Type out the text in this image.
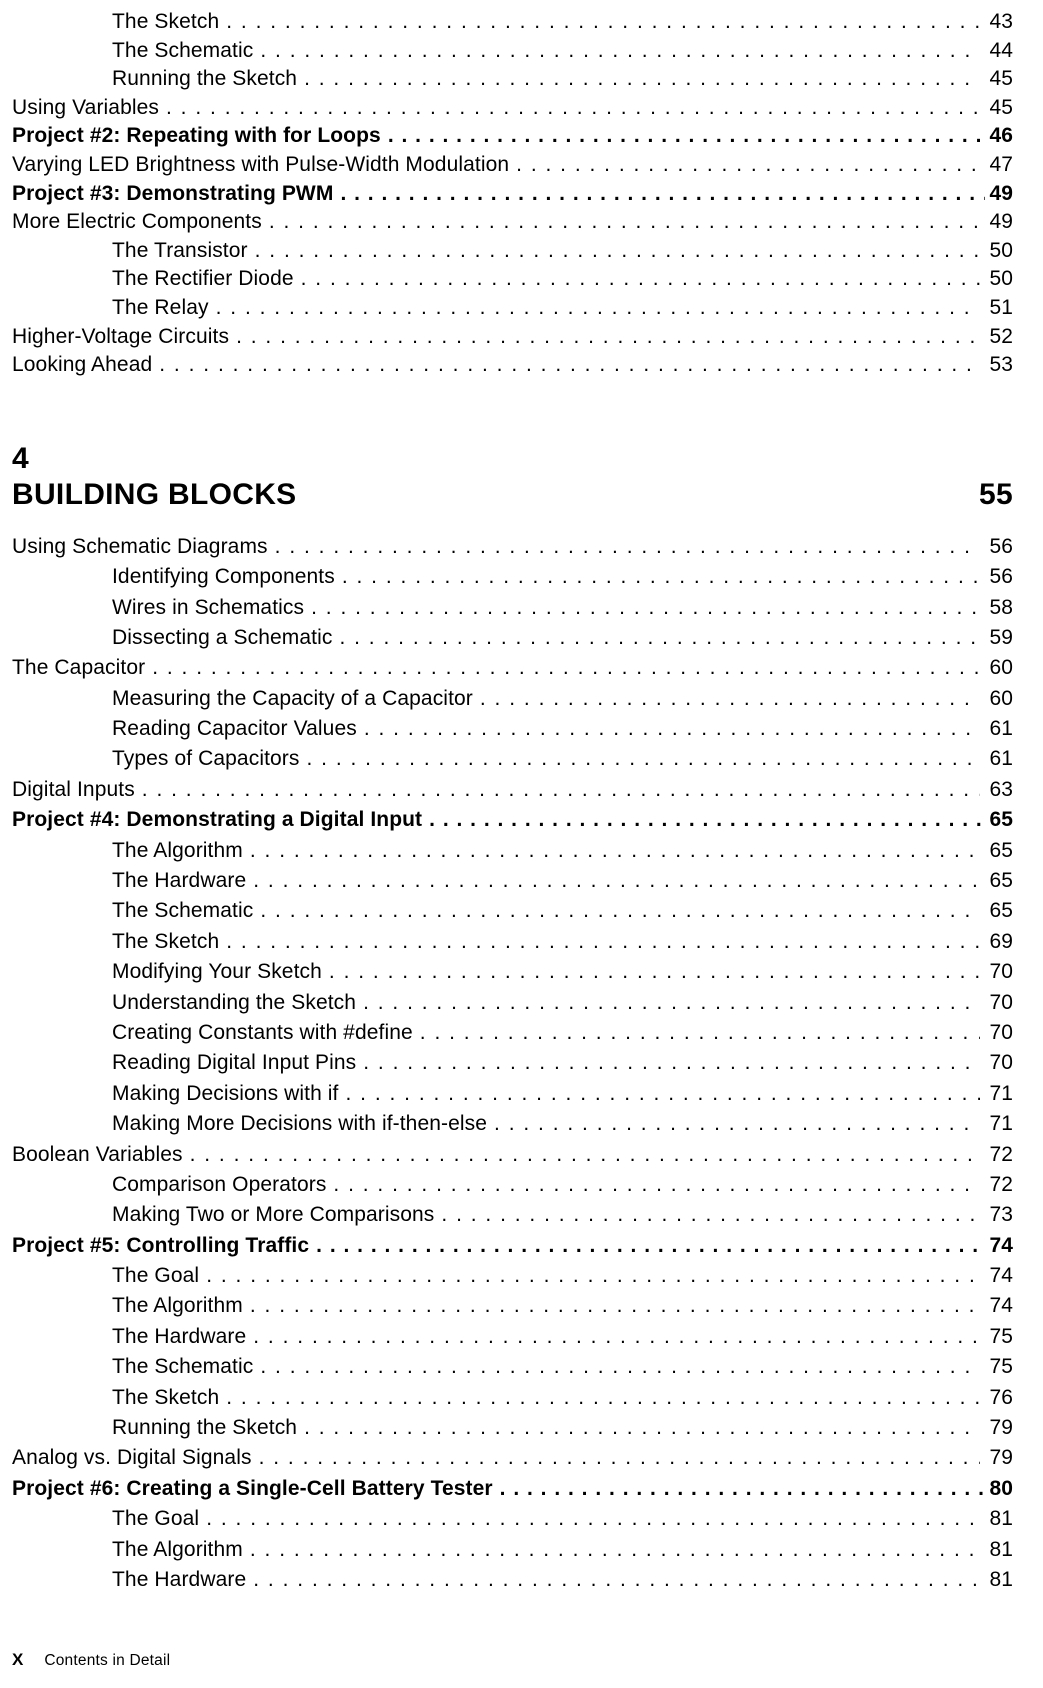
The Sketch . . .	43
The Schematic . . .	44
Running the Sketch . . .	45
Using Variables . . .	45
Project #2: Repeating with for Loops . . .	46
Varying LED Brightness with Pulse-Width Modulation . . .	47
Project #3: Demonstrating PWM . . .	49
More Electric Components . . .	49
The Transistor . . .	50
The Rectifier Diode . . .	50
The Relay . . .	51
Higher-Voltage Circuits . . .	52
Looking Ahead . . .	53
4
BUILDING BLOCKS	55
Using Schematic Diagrams . . .	56
Identifying Components . . .	56
Wires in Schematics . . .	58
Dissecting a Schematic . . .	59
The Capacitor . . .	60
Measuring the Capacity of a Capacitor . . .	60
Reading Capacitor Values . . .	61
Types of Capacitors . . .	61
Digital Inputs . . .	63
Project #4: Demonstrating a Digital Input . . .	65
The Algorithm . . .	65
The Hardware . . .	65
The Schematic . . .	65
The Sketch . . .	69
Modifying Your Sketch . . .	70
Understanding the Sketch . . .	70
Creating Constants with #define . . .	70
Reading Digital Input Pins . . .	70
Making Decisions with if . . .	71
Making More Decisions with if-then-else . . .	71
Boolean Variables . . .	72
Comparison Operators . . .	72
Making Two or More Comparisons . . .	73
Project #5: Controlling Traffic . . .	74
The Goal . . .	74
The Algorithm . . .	74
The Hardware . . .	75
The Schematic . . .	75
The Sketch . . .	76
Running the Sketch . . .	79
Analog vs. Digital Signals . . .	79
Project #6: Creating a Single-Cell Battery Tester . . .	80
The Goal . . .	81
The Algorithm . . .	81
The Hardware . . .	81
X Contents in Detail
